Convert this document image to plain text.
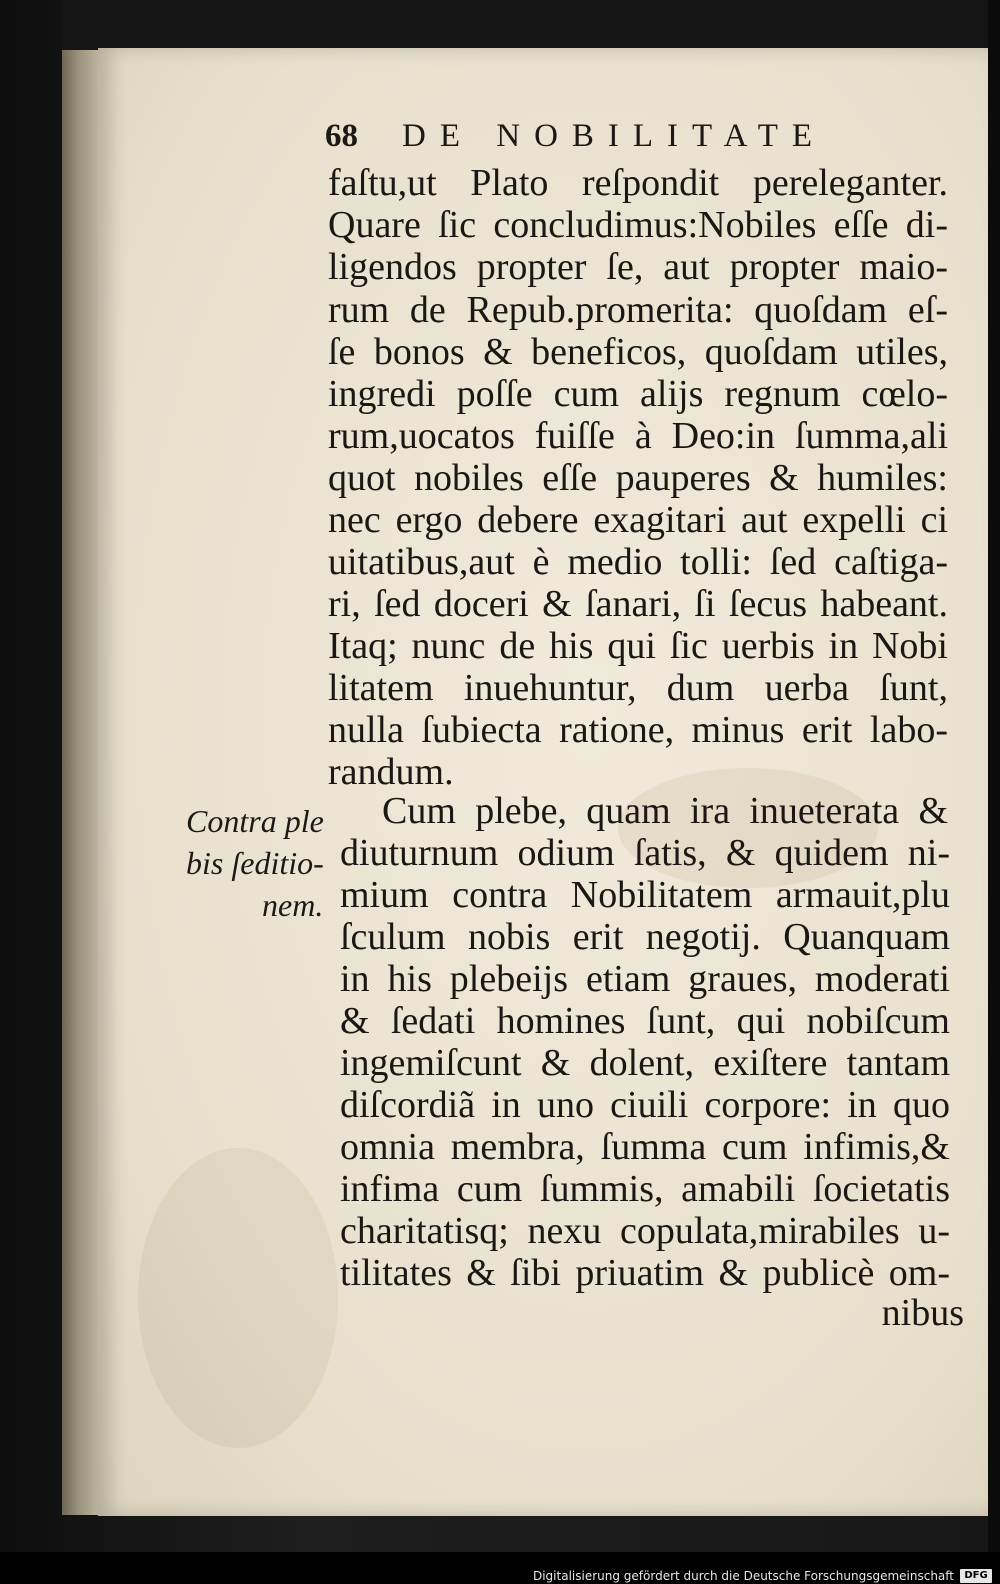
68 DE NOBILITATE
faſtu,ut Plato reſpondit pereleganter.
Quare ſic concludimus:Nobiles eſſe di-
ligendos propter ſe, aut propter maio-
rum de Repub.promerita: quoſdam eſ-
ſe bonos & beneficos, quoſdam utiles,
ingredi poſſe cum alijs regnum cœlo-
rum,uocatos fuiſſe à Deo:in ſumma,ali
quot nobiles eſſe pauperes & humiles:
nec ergo debere exagitari aut expelli ci
uitatibus,aut è medio tolli: ſed caſtiga-
ri, ſed doceri & ſanari, ſi ſecus habeant.
Itaq; nunc de his qui ſic uerbis in Nobi
litatem inuehuntur, dum uerba ſunt,
nulla ſubiecta ratione, minus erit labo-
randum.
Cum plebe, quam ira inueterata &
diuturnum odium ſatis, & quidem ni-
mium contra Nobilitatem armauit,plu
ſculum nobis erit negotij. Quanquam
in his plebeijs etiam graues, moderati
& ſedati homines ſunt, qui nobiſcum
ingemiſcunt & dolent, exiſtere tantam
diſcordiã in uno ciuili corpore: in quo
omnia membra, ſumma cum infimis,&
infima cum ſummis, amabili ſocietatis
charitatisq; nexu copulata,mirabiles u-
tilitates & ſibi priuatim & publicè om-
nibus
Contra ple
bis ſeditio-
nem.
Digitalisierung gefördert durch die Deutsche Forschungsgemeinschaft	DFG
